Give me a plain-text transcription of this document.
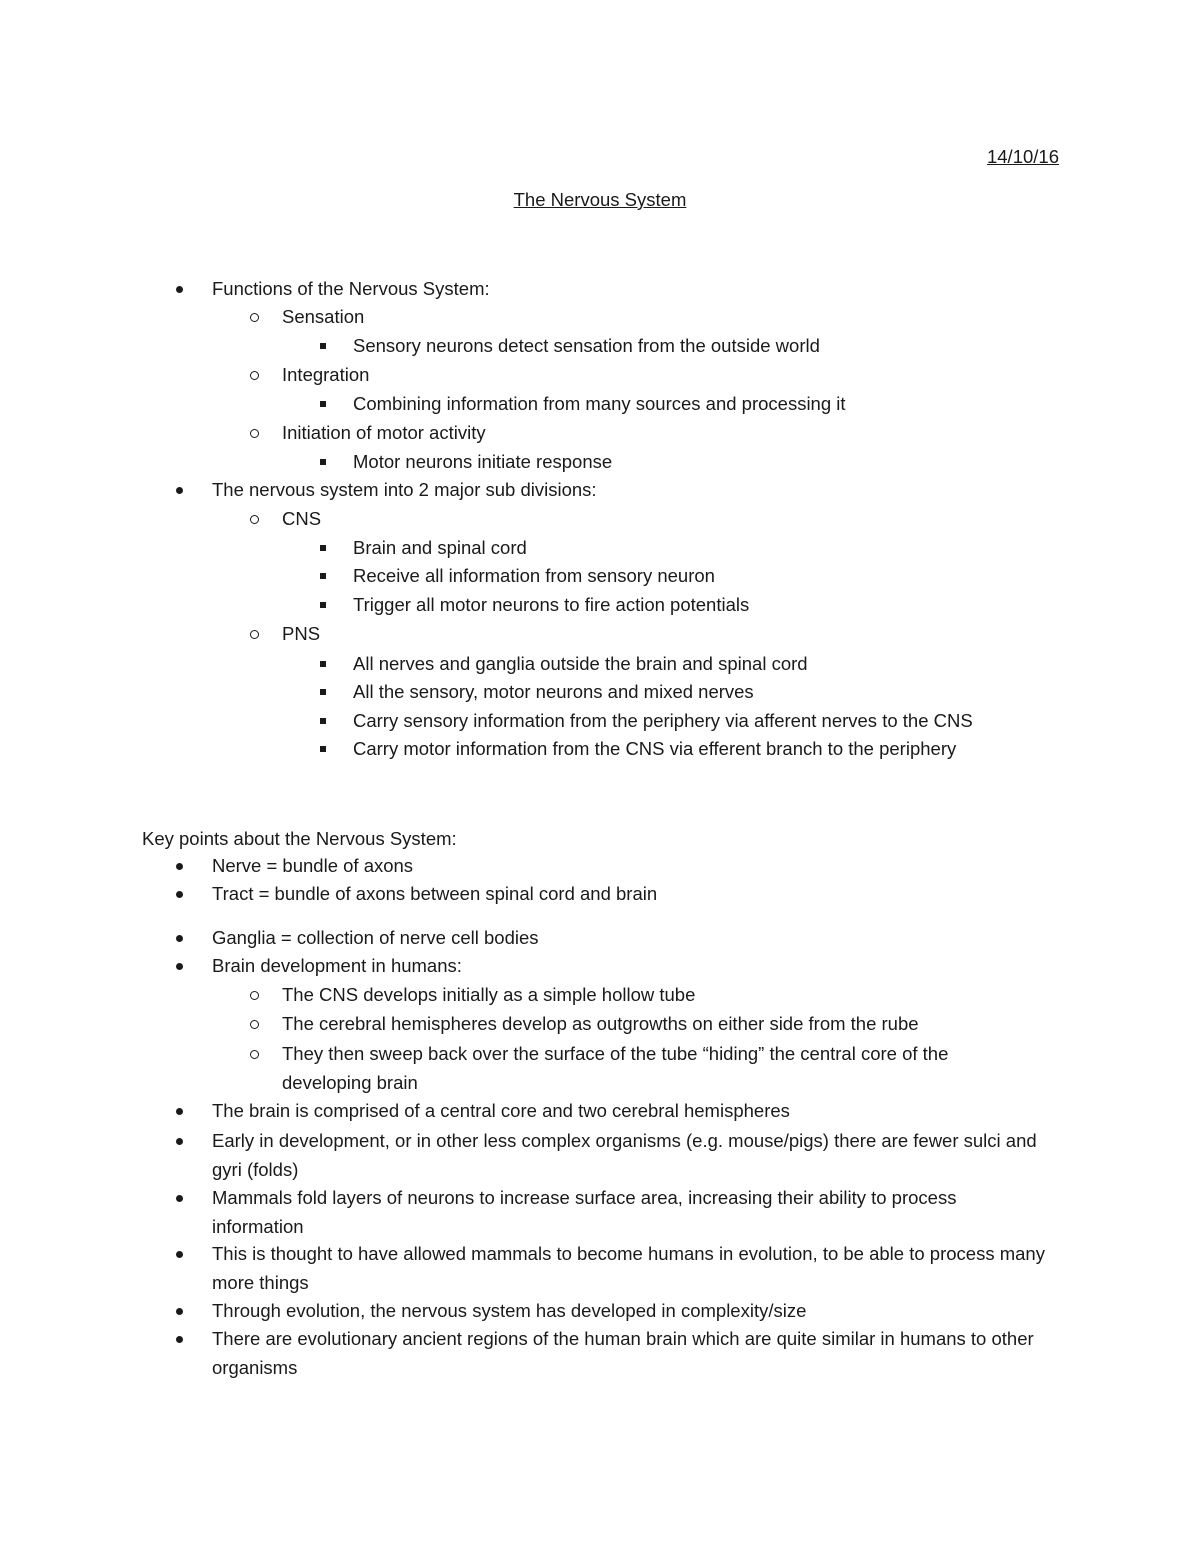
14/10/16
The Nervous System
Functions of the Nervous System:
Sensation
Sensory neurons detect sensation from the outside world
Integration
Combining information from many sources and processing it
Initiation of motor activity
Motor neurons initiate response
The nervous system into 2 major sub divisions:
CNS
Brain and spinal cord
Receive all information from sensory neuron
Trigger all motor neurons to fire action potentials
PNS
All nerves and ganglia outside the brain and spinal cord
All the sensory, motor neurons and mixed nerves
Carry sensory information from the periphery via afferent nerves to the CNS
Carry motor information from the CNS via efferent branch to the periphery
Key points about the Nervous System:
Nerve = bundle of axons
Tract = bundle of axons between spinal cord and brain
Ganglia = collection of nerve cell bodies
Brain development in humans:
The CNS develops initially as a simple hollow tube
The cerebral hemispheres develop as outgrowths on either side from the rube
They then sweep back over the surface of the tube “hiding” the central core of the developing brain
The brain is comprised of a central core and two cerebral hemispheres
Early in development, or in other less complex organisms (e.g. mouse/pigs) there are fewer sulci and gyri (folds)
Mammals fold layers of neurons to increase surface area, increasing their ability to process information
This is thought to have allowed mammals to become humans in evolution, to be able to process many more things
Through evolution, the nervous system has developed in complexity/size
There are evolutionary ancient regions of the human brain which are quite similar in humans to other organisms
